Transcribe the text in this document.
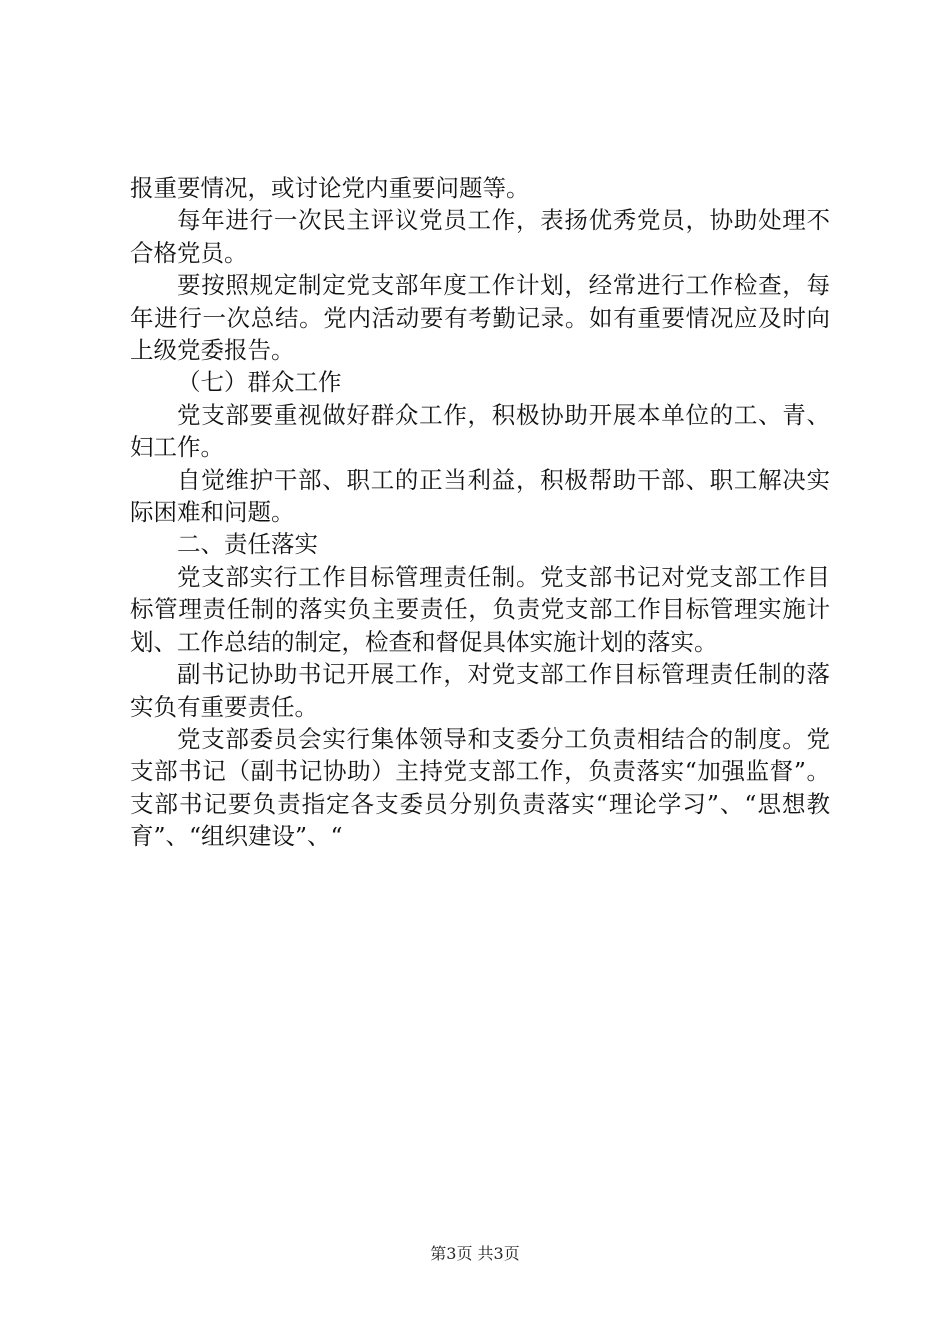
报重要情况，或讨论党内重要问题等。

每年进行一次民主评议党员工作，表扬优秀党员，协助处理不合格党员。

要按照规定制定党支部年度工作计划，经常进行工作检查，每年进行一次总结。党内活动要有考勤记录。如有重要情况应及时向上级党委报告。

（七）群众工作

党支部要重视做好群众工作，积极协助开展本单位的工、青、妇工作。

自觉维护干部、职工的正当利益，积极帮助干部、职工解决实际困难和问题。

二、责任落实

党支部实行工作目标管理责任制。党支部书记对党支部工作目标管理责任制的落实负主要责任，负责党支部工作目标管理实施计划、工作总结的制定，检查和督促具体实施计划的落实。

副书记协助书记开展工作，对党支部工作目标管理责任制的落实负有重要责任。

党支部委员会实行集体领导和支委分工负责相结合的制度。党支部书记（副书记协助）主持党支部工作，负责落实“加强监督”。支部书记要负责指定各支委员分别负责落实“理论学习”、“思想教育”、“组织建设”、“

第3页 共3页
